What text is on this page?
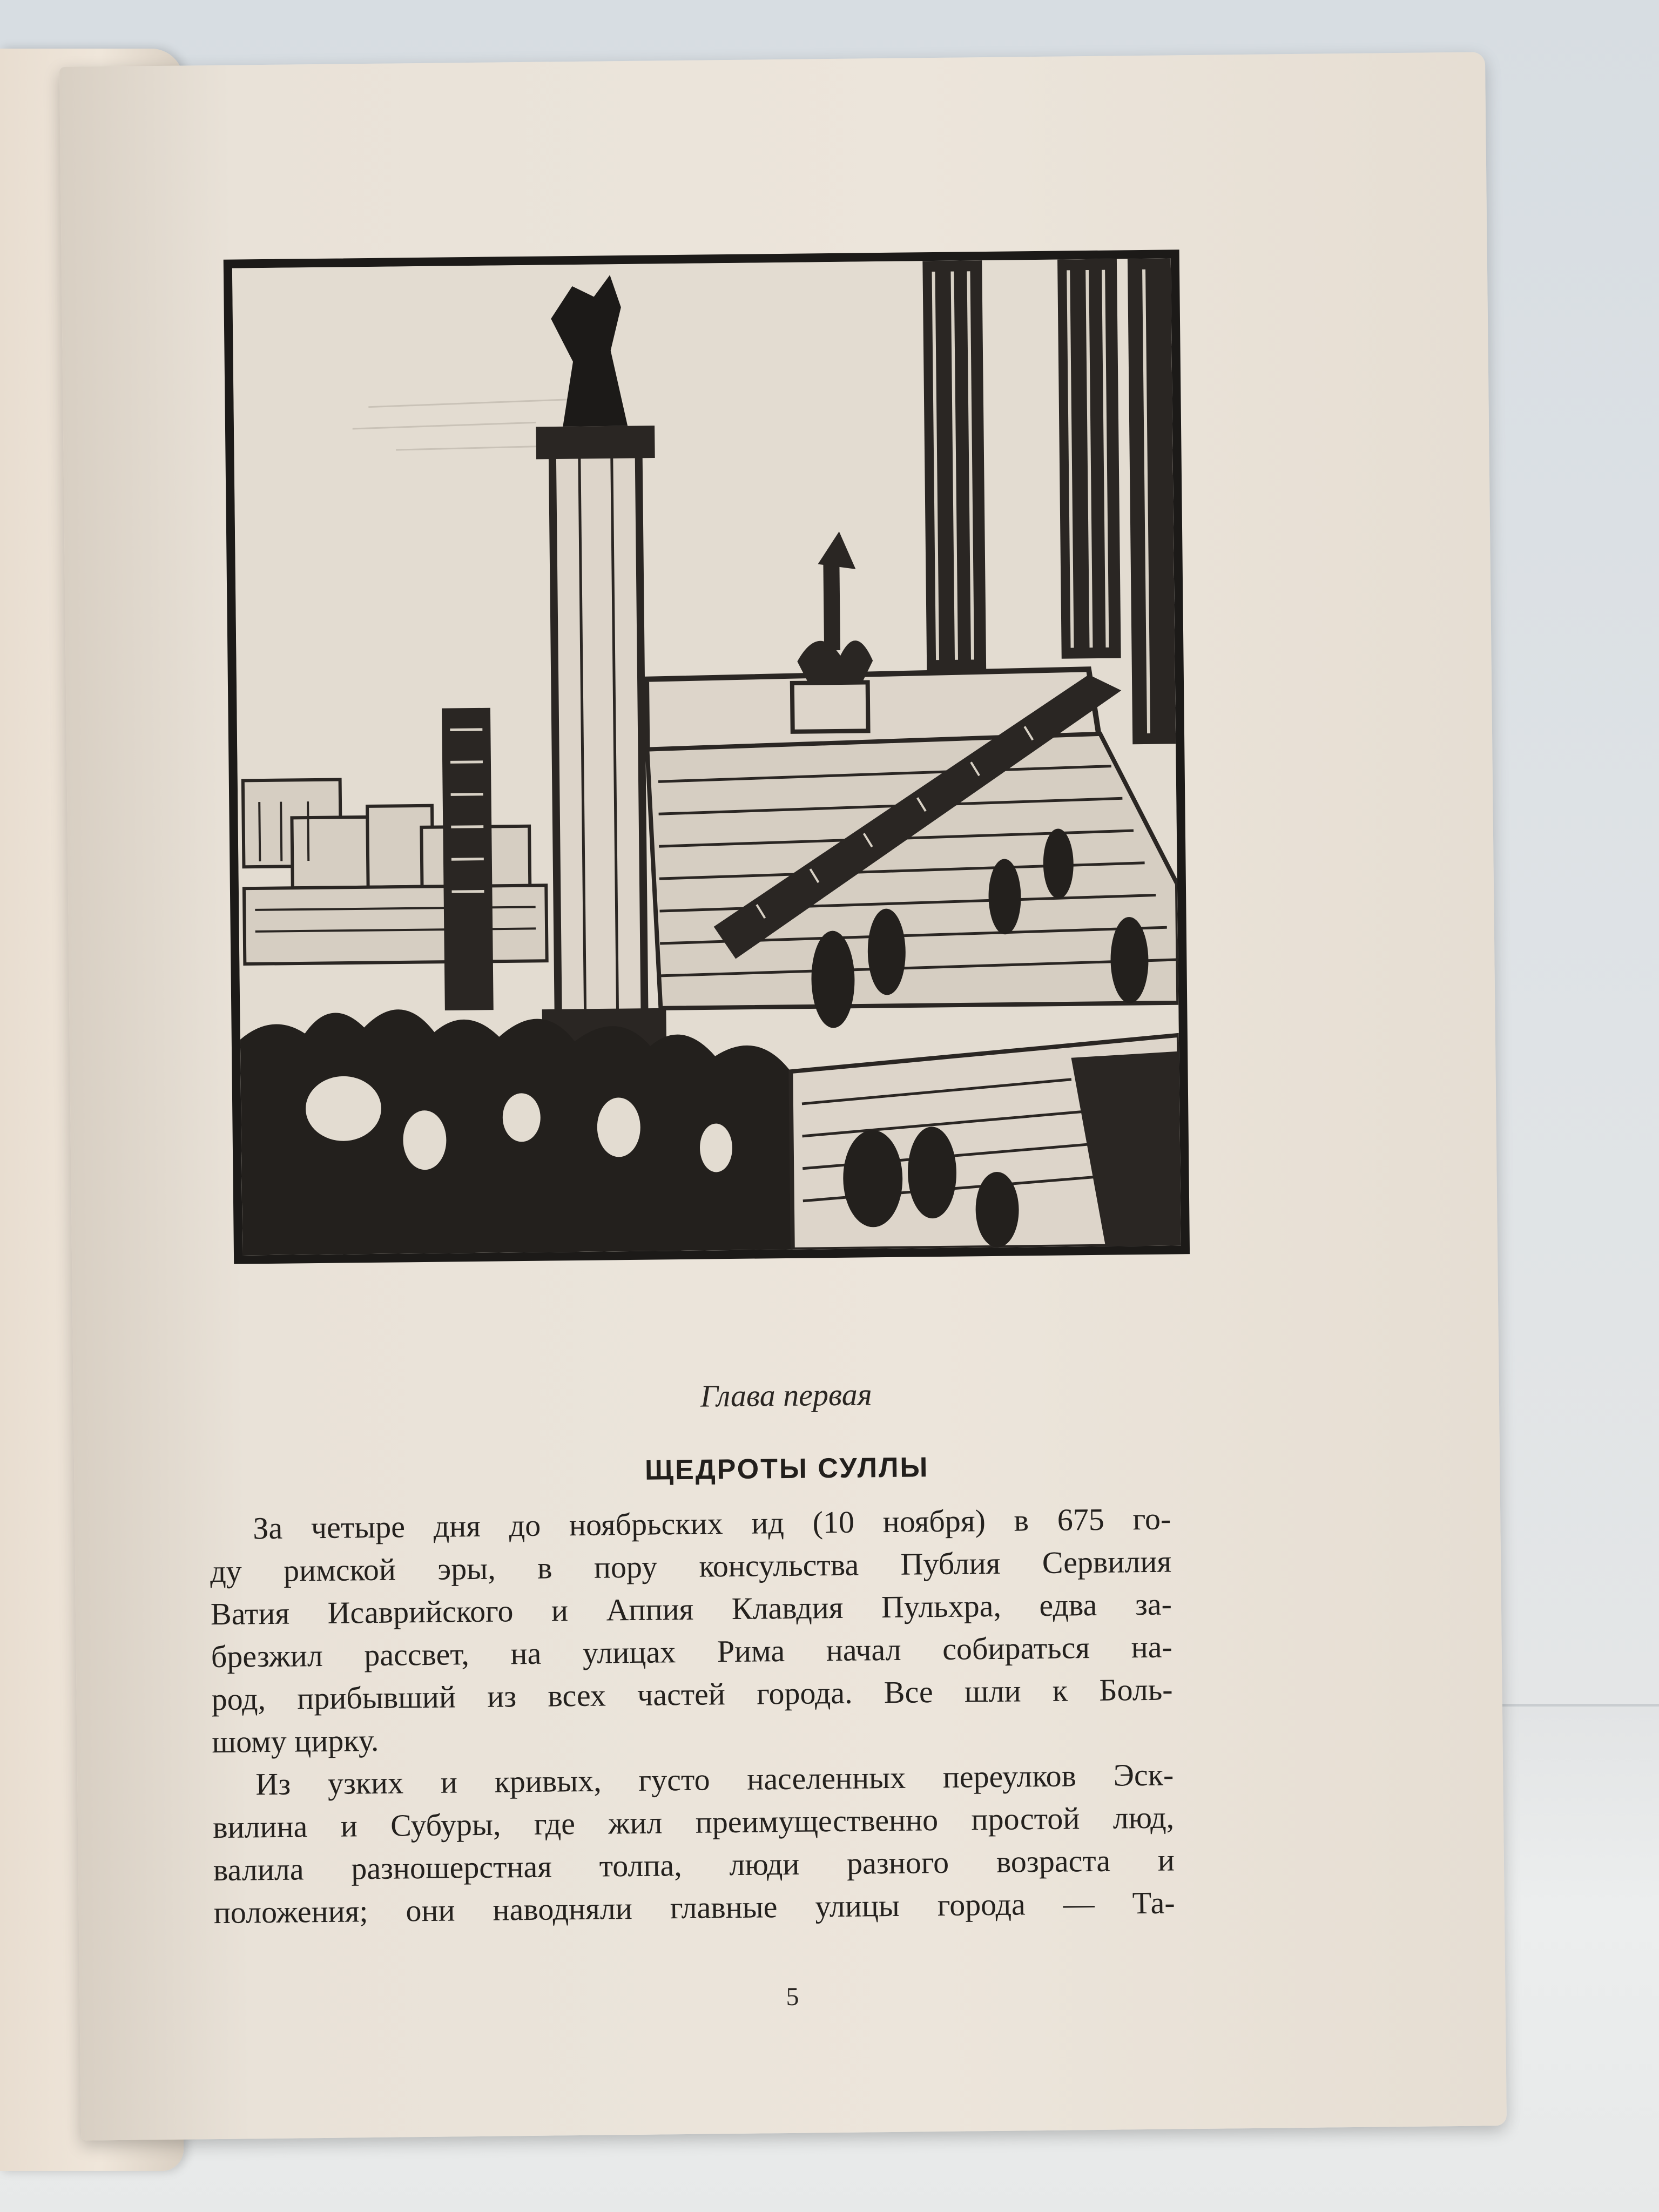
Глава первая
ЩЕДРОТЫ СУЛЛЫ
За четыре дня до ноябрьских ид (10 ноября) в 675 го-
ду римской эры, в пору консульства Публия Сервилия
Ватия Исаврийского и Аппия Клавдия Пульхра, едва за-
брезжил рассвет, на улицах Рима начал собираться на-
род, прибывший из всех частей города. Все шли к Боль-
шому цирку.
Из узких и кривых, густо населенных переулков Эск-
вилина и Субуры, где жил преимущественно простой люд,
валила разношерстная толпа, люди разного возраста и
положения; они наводняли главные улицы города — Та-
5
